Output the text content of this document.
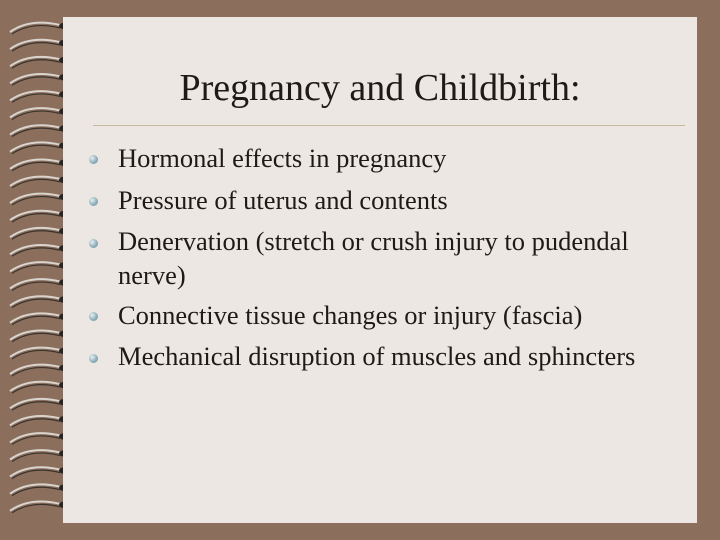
Pregnancy and Childbirth:
Hormonal effects in pregnancy
Pressure of uterus and contents
Denervation (stretch or crush injury to pudendal nerve)
Connective tissue changes or injury (fascia)
Mechanical disruption of muscles and sphincters
